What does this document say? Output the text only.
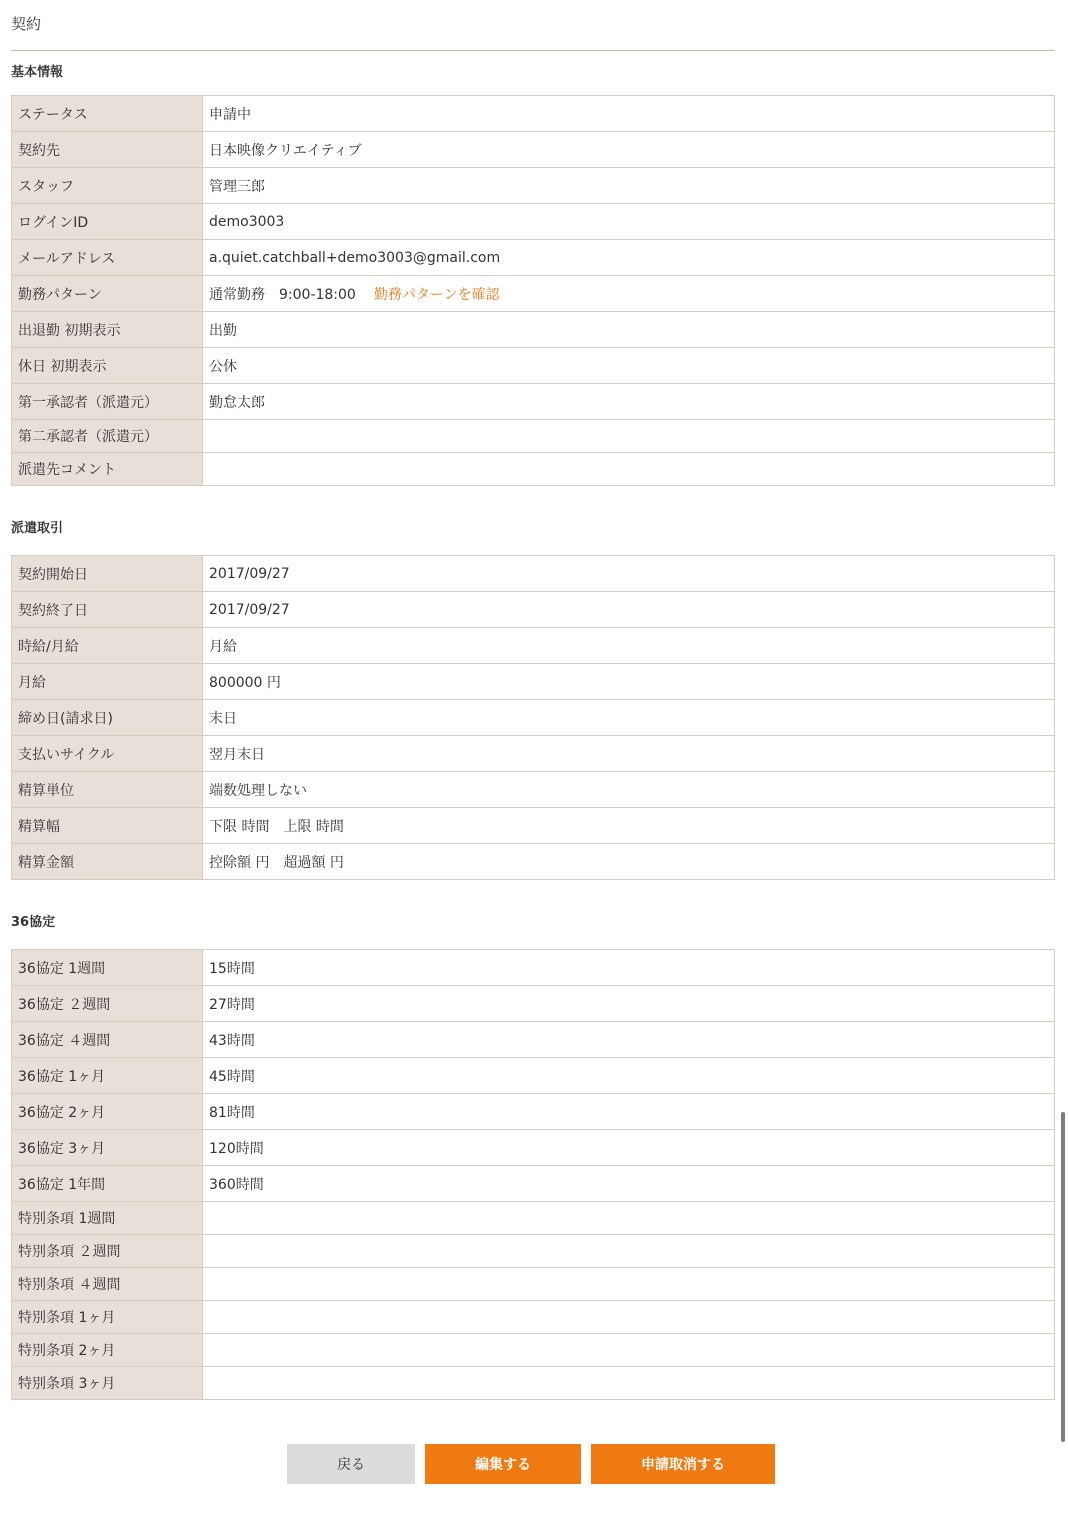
契約
基本情報
ステータス	申請中
契約先	日本映像クリエイティブ
スタッフ	管理三郎
ログインID	demo3003
メールアドレス	a.quiet.catchball+demo3003@gmail.com
勤務パターン	通常勤務 9:00-18:00 勤務パターンを確認
出退勤 初期表示	出勤
休日 初期表示	公休
第一承認者（派遣元）	勤怠太郎
第二承認者（派遣元）	
派遣先コメント	
派遣取引
契約開始日	2017/09/27
契約終了日	2017/09/27
時給/月給	月給
月給	800000 円
締め日(請求日)	末日
支払いサイクル	翌月末日
精算単位	端数処理しない
精算幅	下限 時間 上限 時間
精算金額	控除額 円 超過額 円
36協定
36協定 1週間	15時間
36協定 ２週間	27時間
36協定 ４週間	43時間
36協定 1ヶ月	45時間
36協定 2ヶ月	81時間
36協定 3ヶ月	120時間
36協定 1年間	360時間
特別条項 1週間	
特別条項 ２週間	
特別条項 ４週間	
特別条項 1ヶ月	
特別条項 2ヶ月	
特別条項 3ヶ月	
戻る	編集する	申請取消する
